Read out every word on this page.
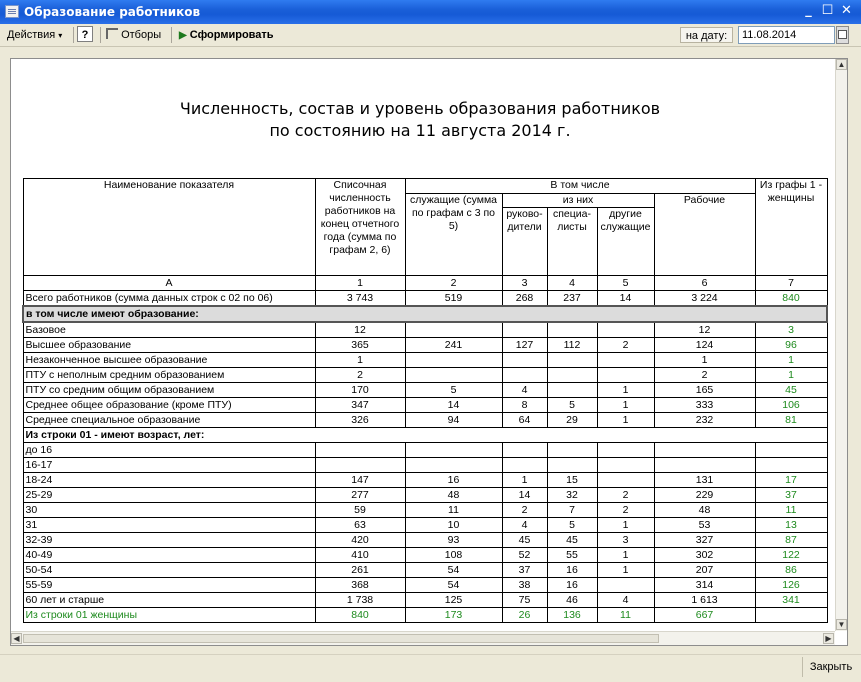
Образование работников	_ ☐ ✕
Действия ▾	?	Отборы ▶ Сформировать	на дату:	11.08.2014
Численность, состав и уровень образования работников
по состоянию на 11 августа 2014 г.
Наименование показателя	Списочная численность работников на конец отчетного года (сумма по графам 2, 6)	В том числе					Из графы 1 - женщины
		служащие (сумма по графам с 3 по 5)	из них			Рабочие	
			руково-дители	специа-листы	другие служащие		
А	1	2	3	4	5	6	7
Всего работников (сумма данных строк с 02 по 06)	3 743	519	268	237	14	3 224	840
в том числе имеют образование:							
Базовое	12					12	3
Высшее образование	365	241	127	112	2	124	96
Незаконченное высшее образование	1					1	1
ПТУ с неполным средним образованием	2					2	1
ПТУ со средним общим образованием	170	5	4		1	165	45
Среднее общее образование (кроме ПТУ)	347	14	8	5	1	333	106
Среднее специальное образование	326	94	64	29	1	232	81
Из строки 01 - имеют возраст, лет:							
до 16							
16-17							
18-24	147	16	1	15		131	17
25-29	277	48	14	32	2	229	37
30	59	11	2	7	2	48	11
31	63	10	4	5	1	53	13
32-39	420	93	45	45	3	327	87
40-49	410	108	52	55	1	302	122
50-54	261	54	37	16	1	207	86
55-59	368	54	38	16		314	126
60 лет и старше	1 738	125	75	46	4	1 613	341
Из строки 01 женщины	840	173	26	136	11	667	
▲
▼
◀	▶
Закрыть
